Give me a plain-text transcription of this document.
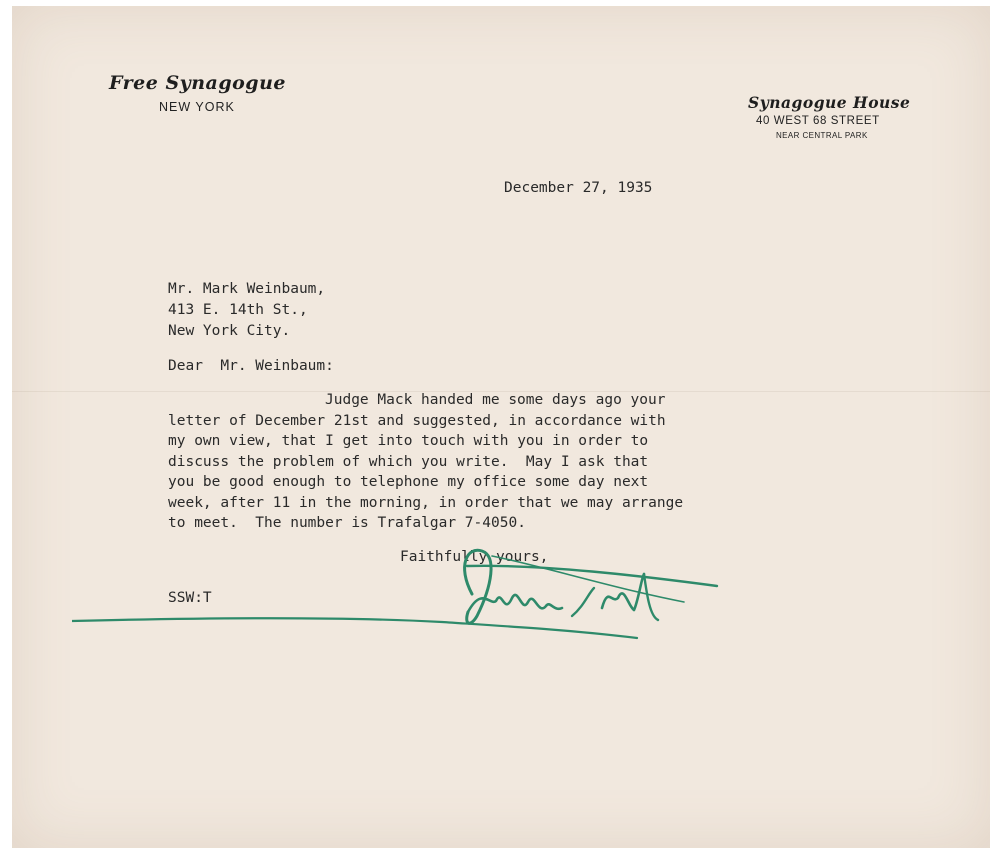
Free Synagogue
NEW YORK	Synagogue House
40 WEST 68 STREET
NEAR CENTRAL PARK
December 27, 1935
Mr. Mark Weinbaum,
413 E. 14th St.,
New York City.
Dear  Mr. Weinbaum:
Judge Mack handed me some days ago your
letter of December 21st and suggested, in accordance with
my own view, that I get into touch with you in order to
discuss the problem of which you write.  May I ask that
you be good enough to telephone my office some day next
week, after 11 in the morning, in order that we may arrange
to meet.  The number is Trafalgar 7-4050.
Faithfully yours,
SSW:T
